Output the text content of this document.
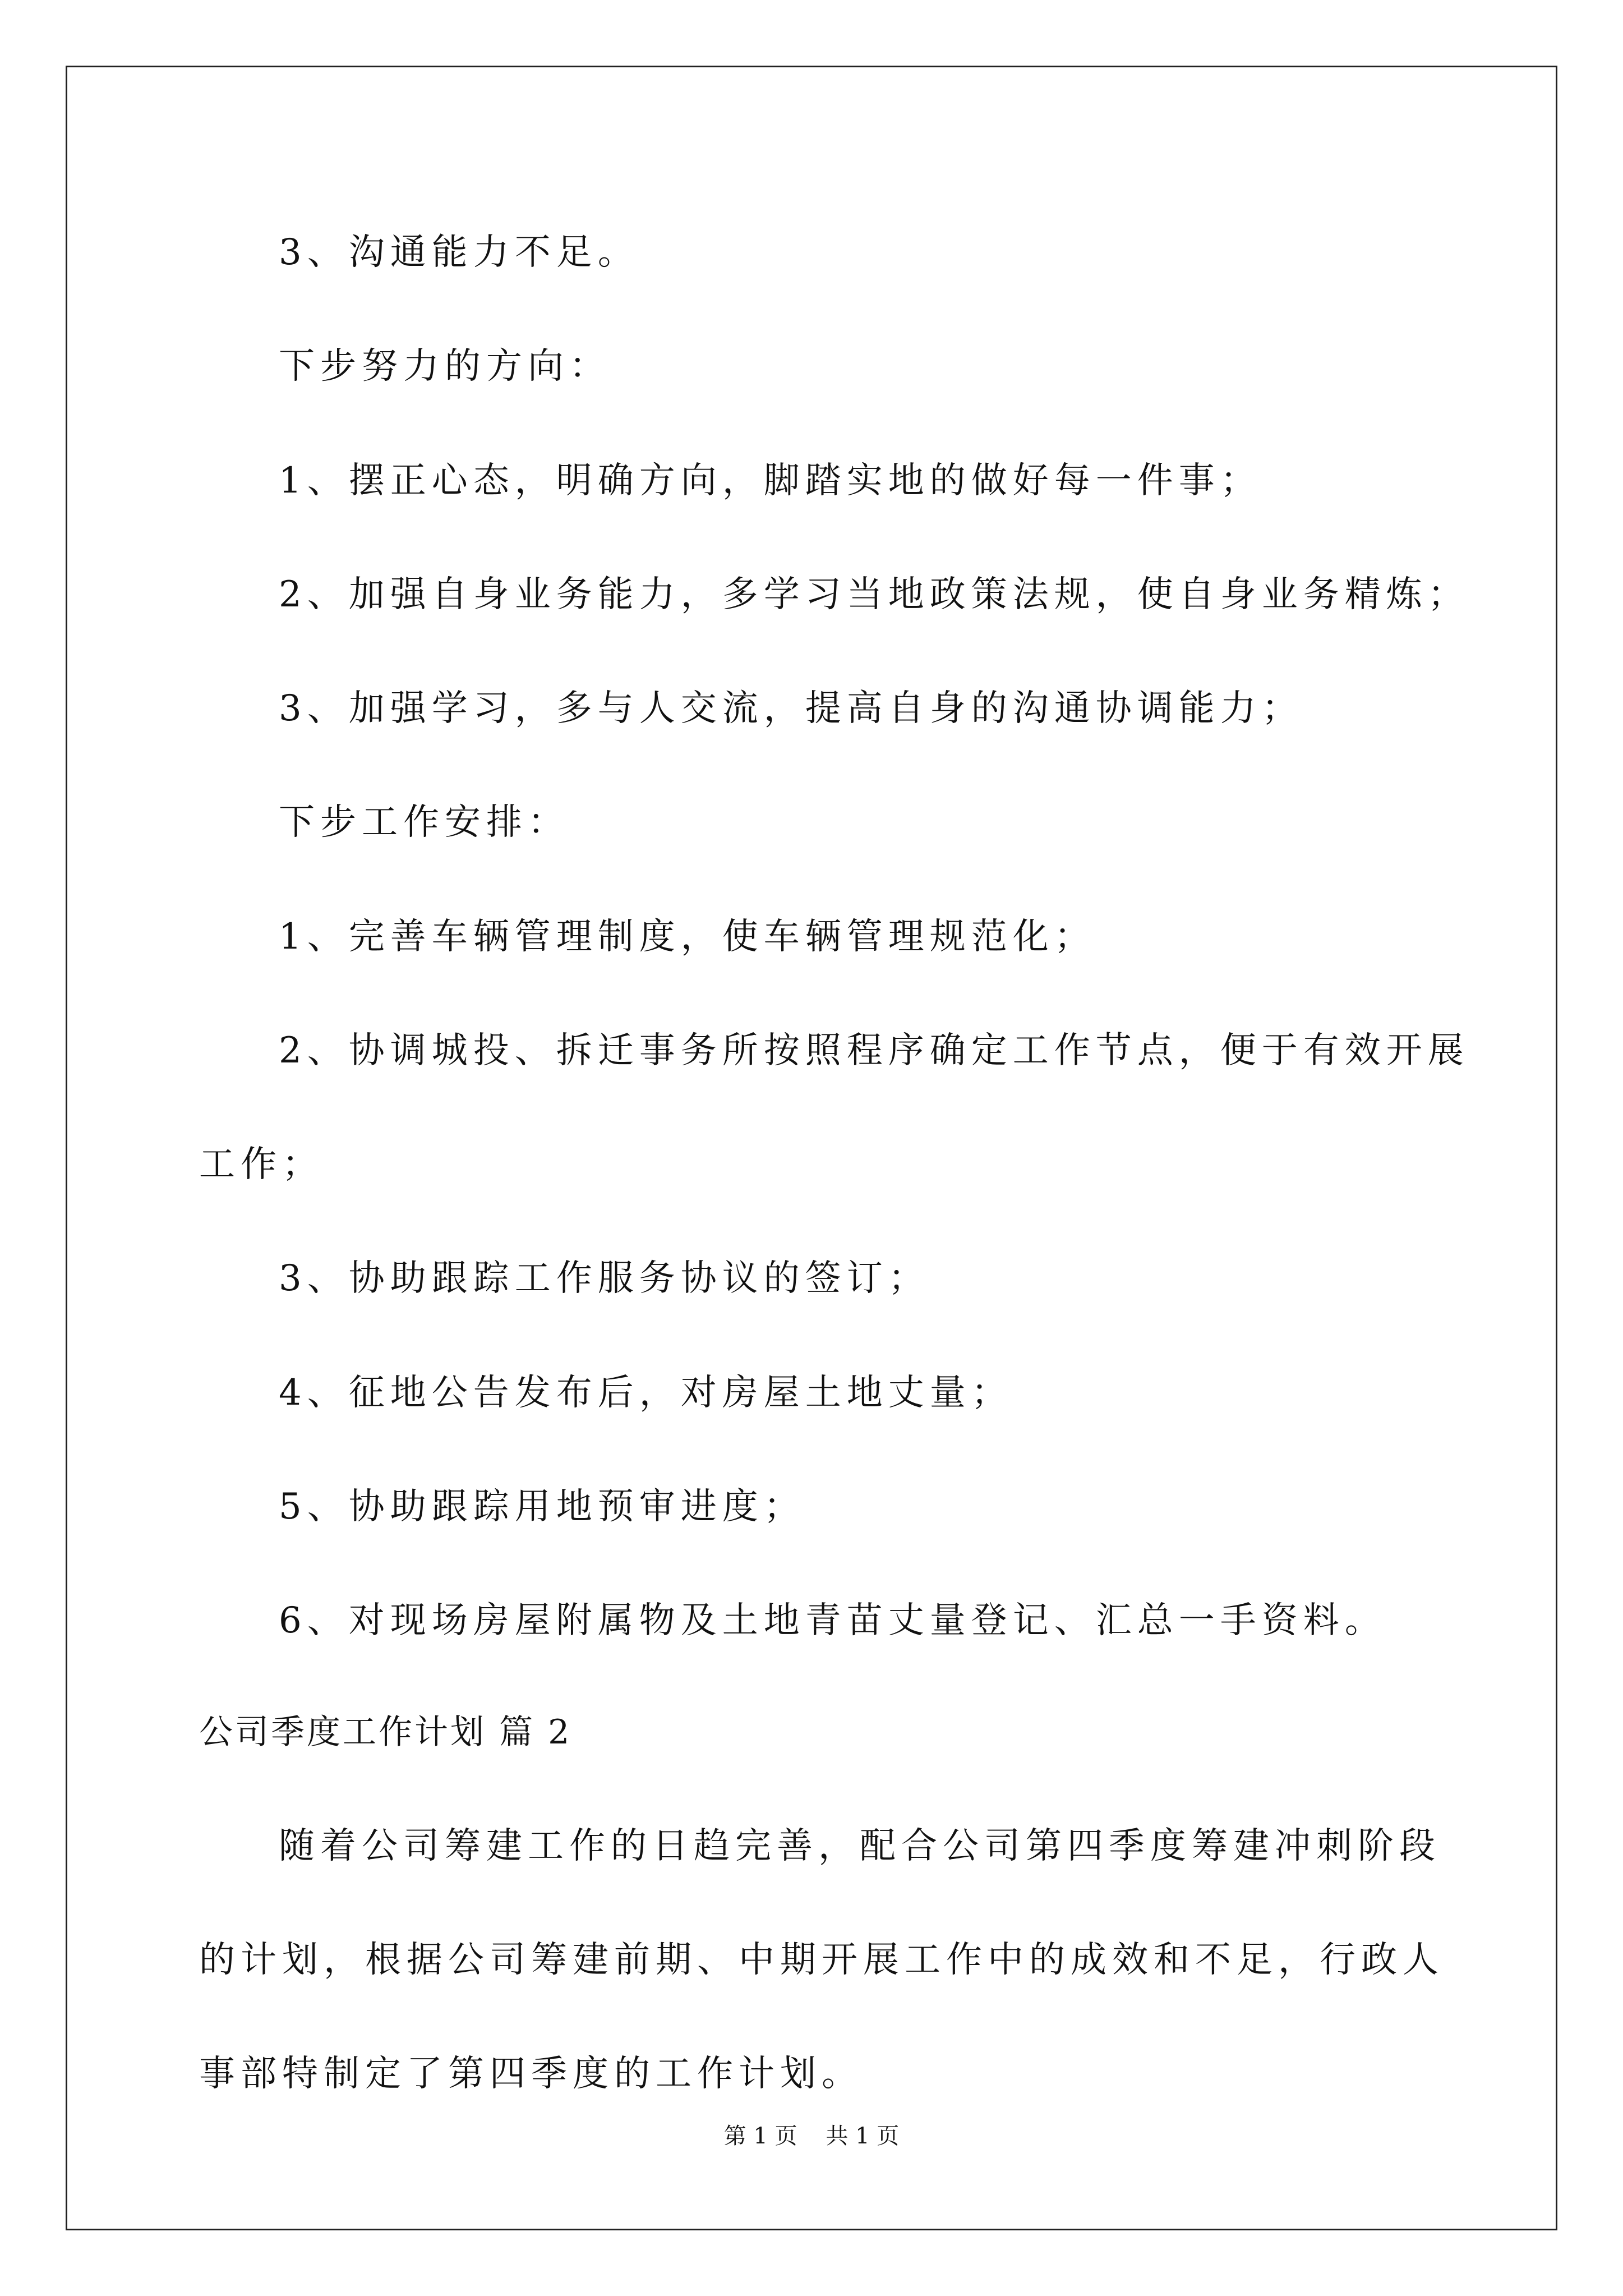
3、沟通能力不足。
下步努力的方向：
1、摆正心态，明确方向，脚踏实地的做好每一件事；
2、加强自身业务能力，多学习当地政策法规，使自身业务精炼；
3、加强学习，多与人交流，提高自身的沟通协调能力；
下步工作安排：
1、完善车辆管理制度，使车辆管理规范化；
2、协调城投、拆迁事务所按照程序确定工作节点，便于有效开展
工作；
3、协助跟踪工作服务协议的签订；
4、征地公告发布后，对房屋土地丈量；
5、协助跟踪用地预审进度；
6、对现场房屋附属物及土地青苗丈量登记、汇总一手资料。
公司季度工作计划 篇 2
随着公司筹建工作的日趋完善，配合公司第四季度筹建冲刺阶段
的计划，根据公司筹建前期、中期开展工作中的成效和不足，行政人
事部特制定了第四季度的工作计划。
第 1 页    共 1 页
